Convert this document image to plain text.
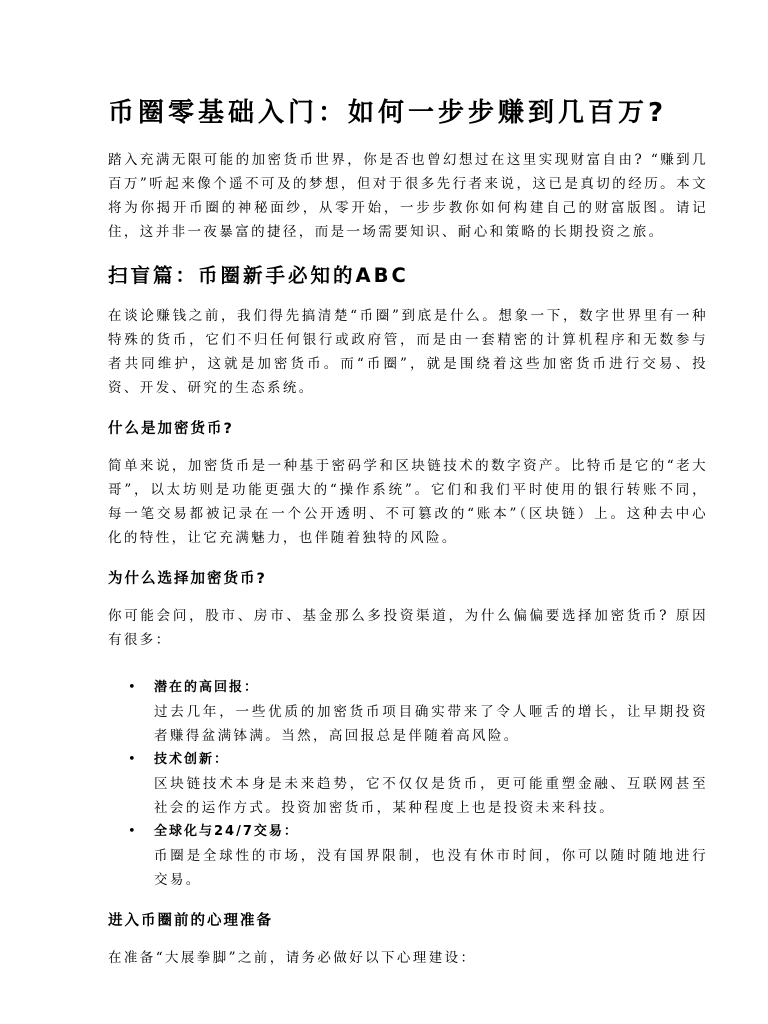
币圈零基础入门：如何一步步赚到几百万?

踏入充满无限可能的加密货币世界，你是否也曾幻想过在这里实现财富自由? “赚到几百万”听起来像个遥不可及的梦想，但对于很多先行者来说，这已是真切的经历。本文将为你揭开币圈的神秘面纱，从零开始，一步步教你如何构建自己的财富版图。请记住，这并非一夜暴富的捷径，而是一场需要知识、耐心和策略的长期投资之旅。

扫盲篇：币圈新手必知的ABC

在谈论赚钱之前，我们得先搞清楚“币圈”到底是什么。想象一下，数字世界里有一种特殊的货币，它们不归任何银行或政府管，而是由一套精密的计算机程序和无数参与者共同维护，这就是加密货币。而“币圈”，就是围绕着这些加密货币进行交易、投资、开发、研究的生态系统。

什么是加密货币?

简单来说，加密货币是一种基于密码学和区块链技术的数字资产。比特币是它的“老大哥”，以太坊则是功能更强大的“操作系统”。它们和我们平时使用的银行转账不同，每一笔交易都被记录在一个公开透明、不可篡改的“账本”（区块链）上。这种去中心化的特性，让它充满魅力，也伴随着独特的风险。

为什么选择加密货币?

你可能会问，股市、房市、基金那么多投资渠道，为什么偏偏要选择加密货币? 原因有很多：

• 潜在的高回报：

过去几年，一些优质的加密货币项目确实带来了令人咂舌的增长，让早期投资者赚得盆满钵满。当然，高回报总是伴随着高风险。

• 技术创新：

区块链技术本身是未来趋势，它不仅仅是货币，更可能重塑金融、互联网甚至社会的运作方式。投资加密货币，某种程度上也是投资未来科技。

• 全球化与24/7交易：

币圈是全球性的市场，没有国界限制，也没有休市时间，你可以随时随地进行交易。

进入币圈前的心理准备

在准备“大展拳脚”之前，请务必做好以下心理建设：
